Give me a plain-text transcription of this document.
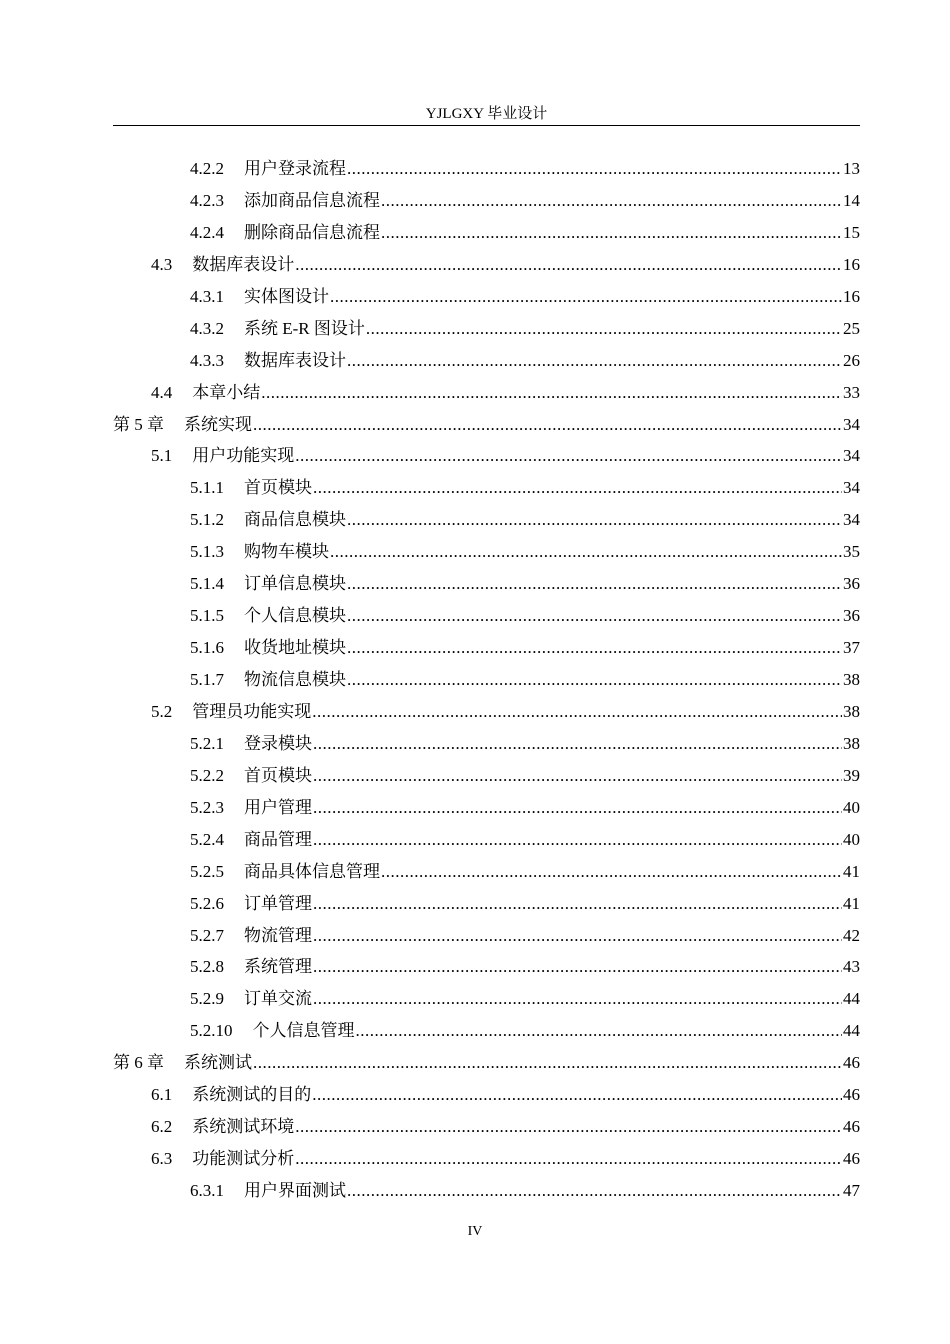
YJLGXY 毕业设计
4.2.2 用户登录流程 .....	13
4.2.3 添加商品信息流程 .....	14
4.2.4 删除商品信息流程 .....	15
4.3 数据库表设计 .....	16
4.3.1 实体图设计 .....	16
4.3.2 系统 E-R 图设计 .....	25
4.3.3 数据库表设计 .....	26
4.4 本章小结 .....	33
第 5 章 系统实现 .....	34
5.1 用户功能实现 .....	34
5.1.1 首页模块 .....	34
5.1.2 商品信息模块 .....	34
5.1.3 购物车模块 .....	35
5.1.4 订单信息模块 .....	36
5.1.5 个人信息模块 .....	36
5.1.6 收货地址模块 .....	37
5.1.7 物流信息模块 .....	38
5.2 管理员功能实现 .....	38
5.2.1 登录模块 .....	38
5.2.2 首页模块 .....	39
5.2.3 用户管理 .....	40
5.2.4 商品管理 .....	40
5.2.5 商品具体信息管理 .....	41
5.2.6 订单管理 .....	41
5.2.7 物流管理 .....	42
5.2.8 系统管理 .....	43
5.2.9 订单交流 .....	44
5.2.10 个人信息管理 .....	44
第 6 章 系统测试 .....	46
6.1 系统测试的目的 .....	46
6.2 系统测试环境 .....	46
6.3 功能测试分析 .....	46
6.3.1 用户界面测试 .....	47
IV
